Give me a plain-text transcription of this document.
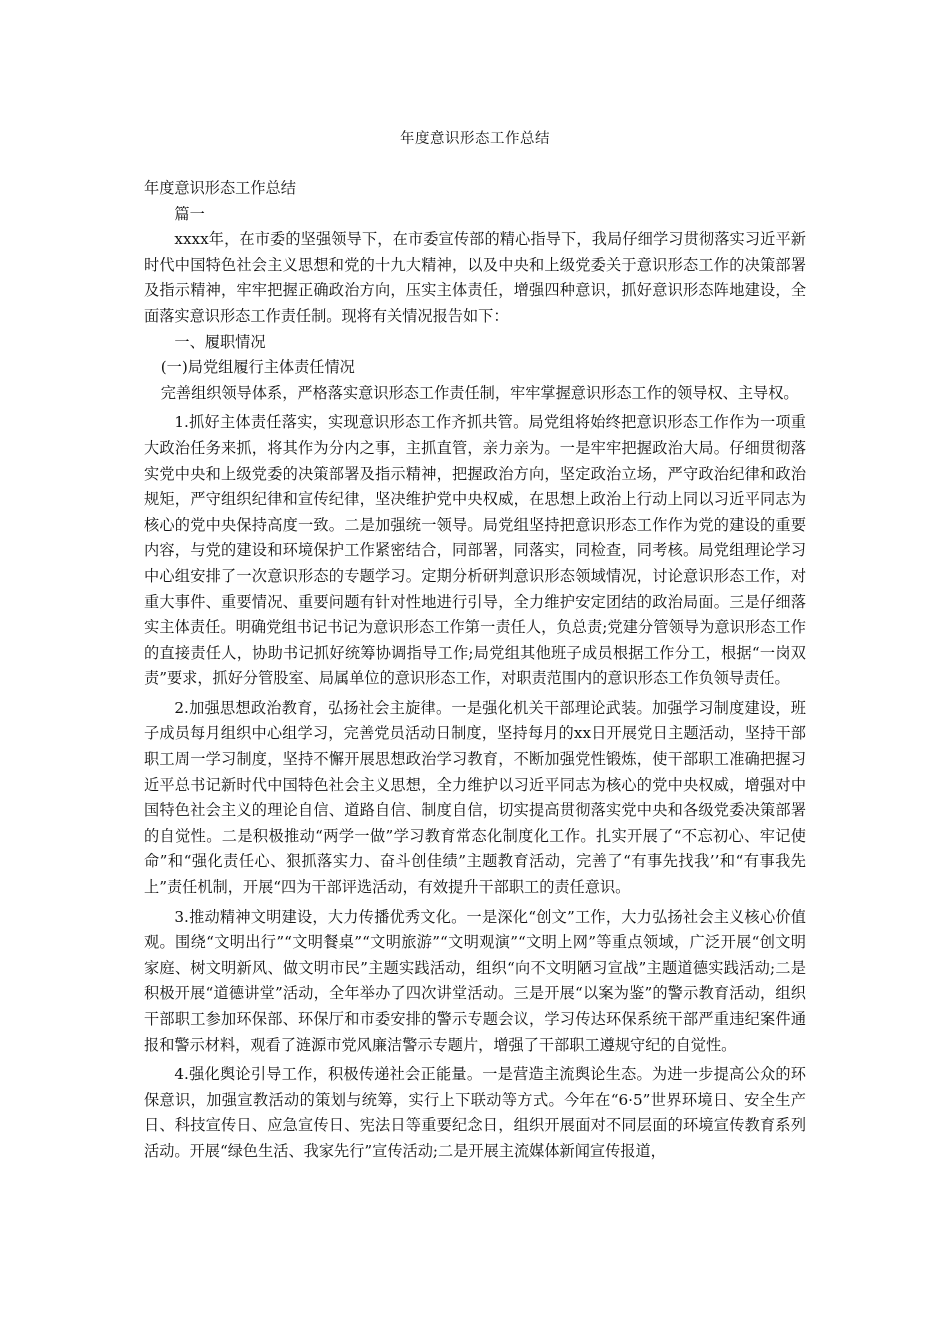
年度意识形态工作总结

年度意识形态工作总结

篇一

xxxx年，在市委的坚强领导下，在市委宣传部的精心指导下，我局仔细学习贯彻落实习近平新时代中国特色社会主义思想和党的十九大精神，以及中央和上级党委关于意识形态工作的决策部署及指示精神，牢牢把握正确政治方向，压实主体责任，增强四种意识，抓好意识形态阵地建设，全面落实意识形态工作责任制。现将有关情况报告如下：

一、履职情况

(一)局党组履行主体责任情况

完善组织领导体系，严格落实意识形态工作责任制，牢牢掌握意识形态工作的领导权、主导权。

1.抓好主体责任落实，实现意识形态工作齐抓共管。局党组将始终把意识形态工作作为一项重大政治任务来抓，将其作为分内之事，主抓直管，亲力亲为。一是牢牢把握政治大局。仔细贯彻落实党中央和上级党委的决策部署及指示精神，把握政治方向，坚定政治立场，严守政治纪律和政治规矩，严守组织纪律和宣传纪律，坚决维护党中央权威，在思想上政治上行动上同以习近平同志为核心的党中央保持高度一致。二是加强统一领导。局党组坚持把意识形态工作作为党的建设的重要内容，与党的建设和环境保护工作紧密结合，同部署，同落实，同检查，同考核。局党组理论学习中心组安排了一次意识形态的专题学习。定期分析研判意识形态领域情况，讨论意识形态工作，对重大事件、重要情况、重要问题有针对性地进行引导，全力维护安定团结的政治局面。三是仔细落实主体责任。明确党组书记书记为意识形态工作第一责任人，负总责;党建分管领导为意识形态工作的直接责任人，协助书记抓好统筹协调指导工作;局党组其他班子成员根据工作分工，根据“一岗双责”要求，抓好分管股室、局属单位的意识形态工作，对职责范围内的意识形态工作负领导责任。

2.加强思想政治教育，弘扬社会主旋律。一是强化机关干部理论武装。加强学习制度建设，班子成员每月组织中心组学习，完善党员活动日制度，坚持每月的xx日开展党日主题活动，坚持干部职工周一学习制度，坚持不懈开展思想政治学习教育，不断加强党性锻炼，使干部职工准确把握习近平总书记新时代中国特色社会主义思想，全力维护以习近平同志为核心的党中央权威，增强对中国特色社会主义的理论自信、道路自信、制度自信，切实提高贯彻落实党中央和各级党委决策部署的自觉性。二是积极推动“两学一做”学习教育常态化制度化工作。扎实开展了“不忘初心、牢记使命”和“强化责任心、狠抓落实力、奋斗创佳绩”主题教育活动，完善了“有事先找我’’和“有事我先上”责任机制，开展“四为干部评选活动，有效提升干部职工的责任意识。

3.推动精神文明建设，大力传播优秀文化。一是深化“创文”工作，大力弘扬社会主义核心价值观。围绕“文明出行”“文明餐桌”“文明旅游”“文明观演”“文明上网”等重点领域，广泛开展“创文明家庭、树文明新风、做文明市民”主题实践活动，组织“向不文明陋习宣战”主题道德实践活动;二是积极开展“道德讲堂”活动，全年举办了四次讲堂活动。三是开展“以案为鉴”的警示教育活动，组织干部职工参加环保部、环保厅和市委安排的警示专题会议，学习传达环保系统干部严重违纪案件通报和警示材料，观看了涟源市党风廉洁警示专题片，增强了干部职工遵规守纪的自觉性。

4.强化舆论引导工作，积极传递社会正能量。一是营造主流舆论生态。为进一步提高公众的环保意识，加强宣教活动的策划与统筹，实行上下联动等方式。今年在“6·5”世界环境日、安全生产日、科技宣传日、应急宣传日、宪法日等重要纪念日，组织开展面对不同层面的环境宣传教育系列活动。开展“绿色生活、我家先行”宣传活动;二是开展主流媒体新闻宣传报道，
